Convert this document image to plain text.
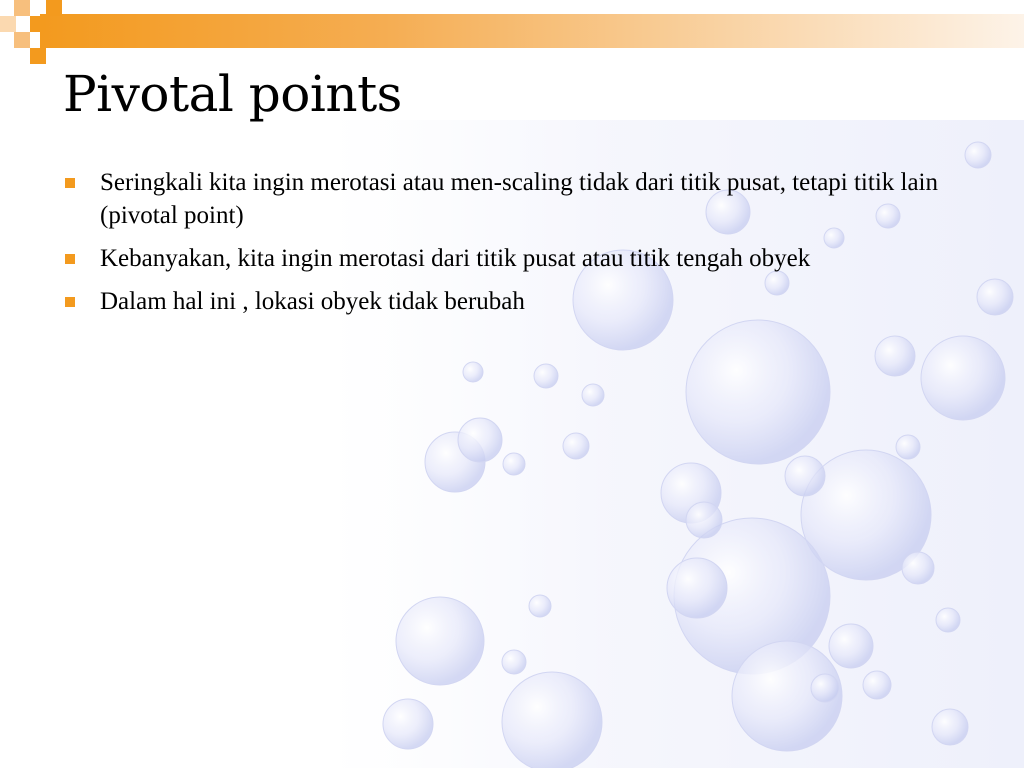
Pivotal points
Seringkali kita ingin merotasi atau men-scaling tidak dari titik pusat, tetapi titik lain (pivotal point)
Kebanyakan, kita ingin merotasi dari titik pusat atau titik tengah obyek
Dalam hal ini , lokasi obyek tidak berubah
